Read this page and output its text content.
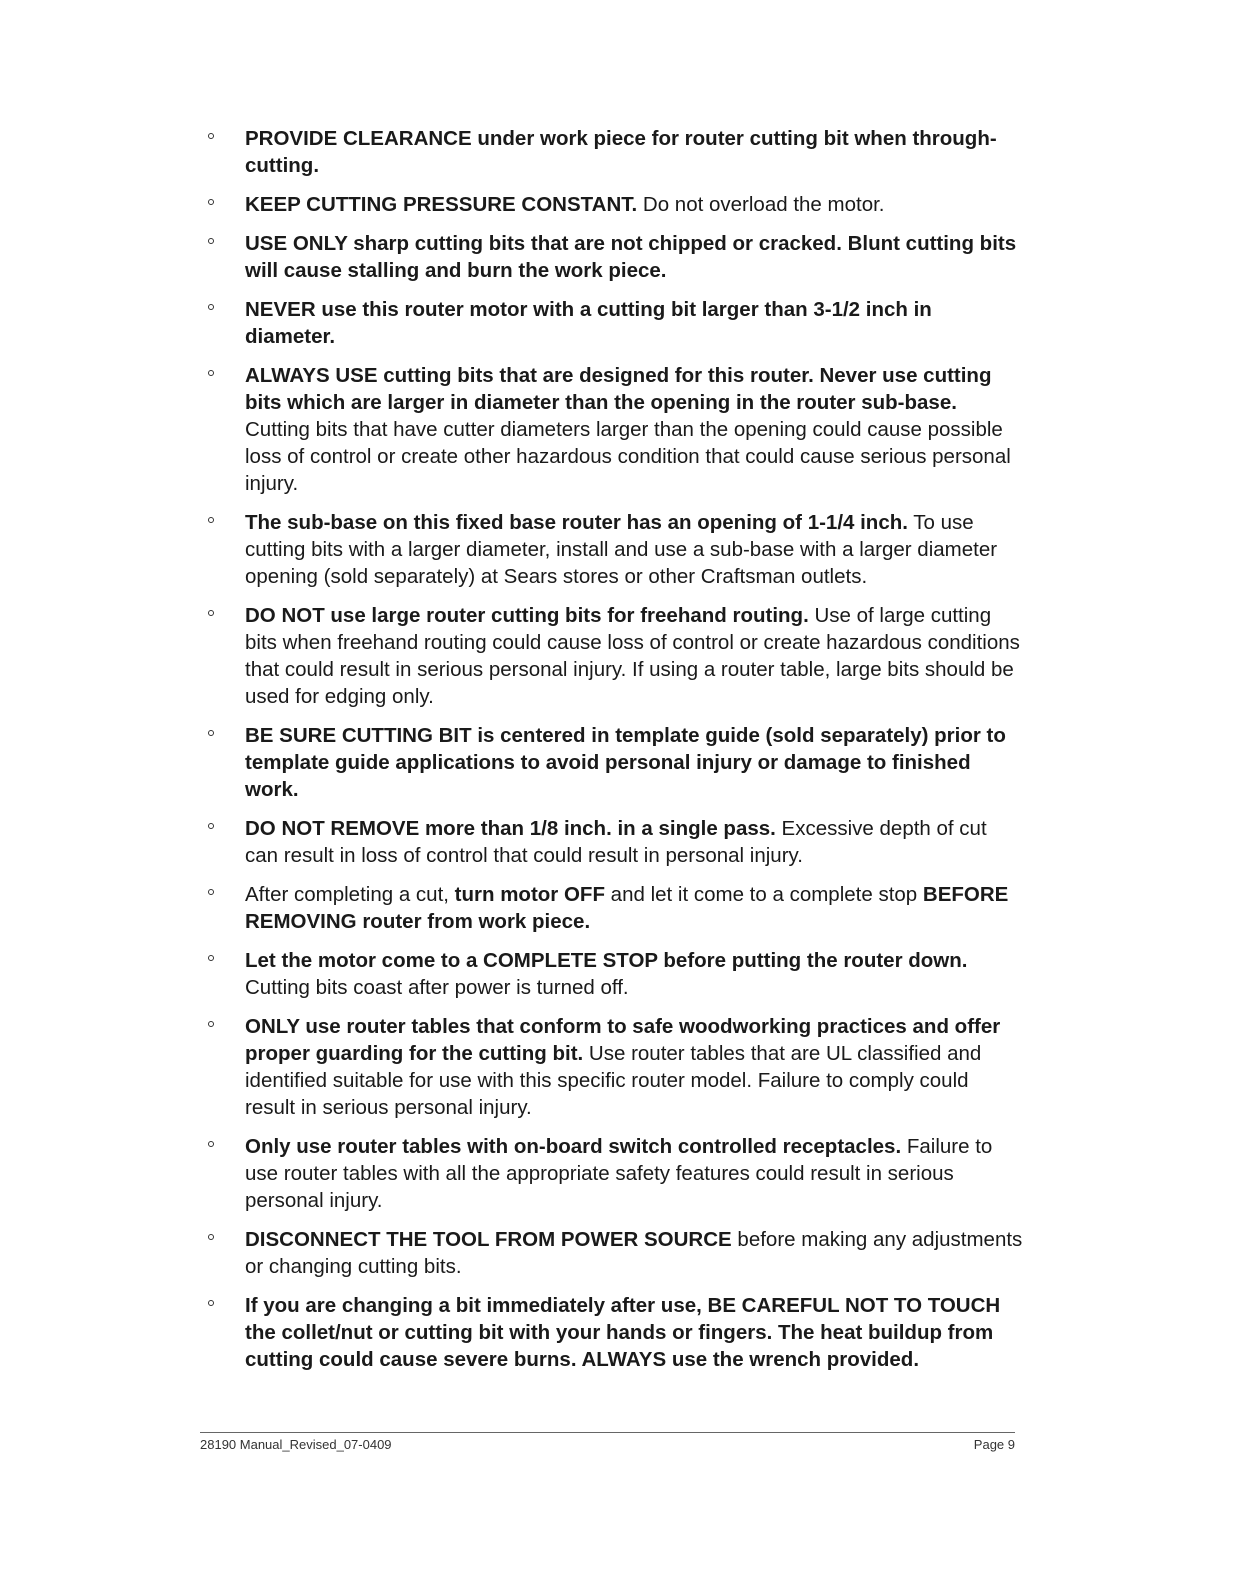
PROVIDE CLEARANCE under work piece for router cutting bit when through-cutting.
KEEP CUTTING PRESSURE CONSTANT. Do not overload the motor.
USE ONLY sharp cutting bits that are not chipped or cracked. Blunt cutting bits will cause stalling and burn the work piece.
NEVER use this router motor with a cutting bit larger than 3-1/2 inch in diameter.
ALWAYS USE cutting bits that are designed for this router. Never use cutting bits which are larger in diameter than the opening in the router sub-base. Cutting bits that have cutter diameters larger than the opening could cause possible loss of control or create other hazardous condition that could cause serious personal injury.
The sub-base on this fixed base router has an opening of 1-1/4 inch. To use cutting bits with a larger diameter, install and use a sub-base with a larger diameter opening (sold separately) at Sears stores or other Craftsman outlets.
DO NOT use large router cutting bits for freehand routing. Use of large cutting bits when freehand routing could cause loss of control or create hazardous conditions that could result in serious personal injury. If using a router table, large bits should be used for edging only.
BE SURE CUTTING BIT is centered in template guide (sold separately) prior to template guide applications to avoid personal injury or damage to finished work.
DO NOT REMOVE more than 1/8 inch. in a single pass. Excessive depth of cut can result in loss of control that could result in personal injury.
After completing a cut, turn motor OFF and let it come to a complete stop BEFORE REMOVING router from work piece.
Let the motor come to a COMPLETE STOP before putting the router down. Cutting bits coast after power is turned off.
ONLY use router tables that conform to safe woodworking practices and offer proper guarding for the cutting bit. Use router tables that are UL classified and identified suitable for use with this specific router model. Failure to comply could result in serious personal injury.
Only use router tables with on-board switch controlled receptacles. Failure to use router tables with all the appropriate safety features could result in serious personal injury.
DISCONNECT THE TOOL FROM POWER SOURCE before making any adjustments or changing cutting bits.
If you are changing a bit immediately after use, BE CAREFUL NOT TO TOUCH the collet/nut or cutting bit with your hands or fingers. The heat buildup from cutting could cause severe burns. ALWAYS use the wrench provided.
28190 Manual_Revised_07-0409	Page 9
